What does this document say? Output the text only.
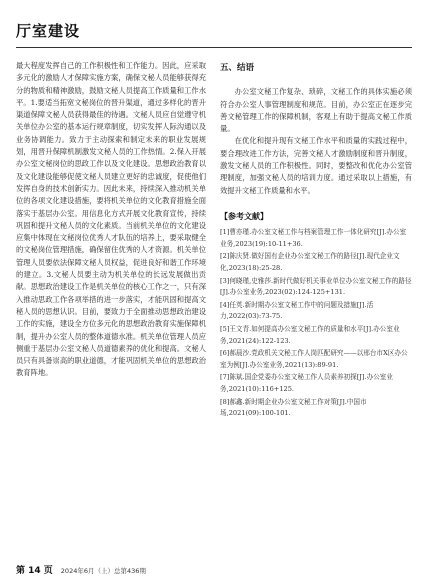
厅室建设

最大程度发挥自己的工作积极性和工作能力。因此，应采取多元化的激励人才保障实施方案，确保文秘人员能够获得充分的物质和精神激励，鼓励文秘人员提高工作质量和工作水平。1.要适当拓宽文秘岗位的晋升渠道，通过多样化的晋升渠道保障文秘人员获得最佳的待遇。文秘人员应自觉遵守机关单位办公室的基本运行规章制度，切实发挥人际沟通以及业务协调能力。致力于主动探索和制定未来的职业发展规划，用晋升保障机制激发文秘人员的工作热情。2.保入开展办公室文秘岗位的思政工作以及文化建设。思想政治教育以及文化建设能够促使文秘人员建立更好的忠诚度，促使他们发挥自身的技术创新实力。因此未来，持续深入推动机关单位的各项文化建设措施，要将机关单位的文化教育措施全面落实于基层办公室。用信息化方式开展文化教育宣传，持续巩固和提升文秘人员的文化素质。当前机关单位的文化建设应集中体现在文秘岗位优秀人才队伍的培养上，要采取健全的文秘岗位管理措施，确保留住优秀的人才资源。机关单位管理人员要依法保障文秘人员权益，促进良好和谐工作环境的建立。3.文秘人员要主动为机关单位的长远发展做出贡献。思想政治建设工作是机关单位的核心工作之一，只有深入推动思政工作各项举措的进一步落实，才能巩固和提高文秘人员的思想认识。目前，要致力于全面推动思想政治建设工作的实施，建设全方位多元化的思想政治教育实施保障机制，提升办公室人员的整体道德水准。机关单位管理人员应侧重于基层办公室文秘人员道德素养的优化和提高。文秘人员只有具备崇高的职业道德，才能巩固机关单位的思想政治教育阵地。

五、结语

办公室文秘工作复杂、琐碎，文秘工作的具体实施必须符合办公室人事管理制度和规范。目前，办公室正在逐步完善文秘管理工作的保障机制，客观上有助于提高文秘工作质量。

在优化和提升现有文秘工作水平和质量的实践过程中，要合理改进工作方法，完善文秘人才激励制度和晋升制度，激发文秘人员的工作积极性。同时，要整改和优化办公室管理制度，加强文秘人员的培训力度。通过采取以上措施，有效提升文秘工作质量和水平。

【参考文献】
[1]曹亦瑾.办公室文秘工作与档案管理工作一体化研究[J].办公室业务,2023(19):10-11+36.
[2]陈庆贤.做好国有企业办公室文秘工作的路径[J].现代企业文化,2023(18):25-28.
[3]何晓瑾,史雅莎.新时代做好机关事业单位办公室文秘工作的路径[J].办公室业务,2023(02):124-125+131.
[4]任英.新时期办公室文秘工作中的问题及措施[J].活力,2022(03):73-75.
[5]王文青.如何提高办公室文秘工作的质量和水平[J].办公室业务,2021(24):122-123.
[6]郝晨沙.党政机关文秘工作人岗匹配研究——以邢台市X区办公室为例[J].办公室业务,2021(13):89-91.
[7]陈斌.国企党委办公室文秘工作人员素养初探[J].办公室业务,2021(10):116+125.
[8]郝鑫.新时期企业办公室文秘工作对策[J].中国市场,2021(09):100-101.
第 14 页 2024年6月（上）总第436期
